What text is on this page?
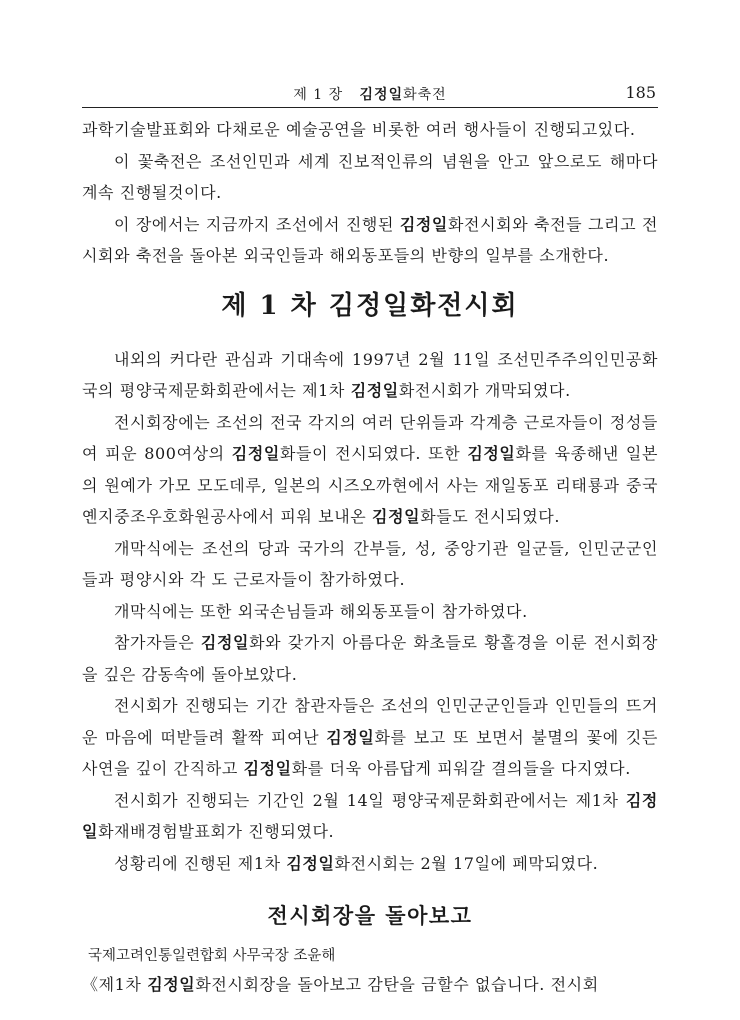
제 1 장 김정일화축전	185

과학기술발표회와 다채로운 예술공연을 비롯한 여러 행사들이 진행되고있다.

이 꽃축전은 조선인민과 세계 진보적인류의 념원을 안고 앞으로도 해마다 계속 진행될것이다.

이 장에서는 지금까지 조선에서 진행된 김정일화전시회와 축전들 그리고 전시회와 축전을 돌아본 외국인들과 해외동포들의 반향의 일부를 소개한다.

제 1 차 김정일화전시회

내외의 커다란 관심과 기대속에 1997년 2월 11일 조선민주주의인민공화국의 평양국제문화회관에서는 제1차 김정일화전시회가 개막되였다.

전시회장에는 조선의 전국 각지의 여러 단위들과 각계층 근로자들이 정성들여 피운 800여상의 김정일화들이 전시되였다. 또한 김정일화를 육종해낸 일본의 원예가 가모 모도데루, 일본의 시즈오까현에서 사는 재일동포 리태룡과 중국 옌지중조우호화원공사에서 피워 보내온 김정일화들도 전시되였다.

개막식에는 조선의 당과 국가의 간부들, 성, 중앙기관 일군들, 인민군군인들과 평양시와 각 도 근로자들이 참가하였다.

개막식에는 또한 외국손님들과 해외동포들이 참가하였다.

참가자들은 김정일화와 갖가지 아름다운 화초들로 황홀경을 이룬 전시회장을 깊은 감동속에 돌아보았다.

전시회가 진행되는 기간 참관자들은 조선의 인민군군인들과 인민들의 뜨거운 마음에 떠받들려 활짝 피여난 김정일화를 보고 또 보면서 불멸의 꽃에 깃든 사연을 깊이 간직하고 김정일화를 더욱 아름답게 피워갈 결의들을 다지였다.

전시회가 진행되는 기간인 2월 14일 평양국제문화회관에서는 제1차 김정일화재배경험발표회가 진행되였다.

성황리에 진행된 제1차 김정일화전시회는 2월 17일에 페막되였다.

전시회장을 돌아보고

국제고려인통일련합회 사무국장 조윤해

《제1차 김정일화전시회장을 돌아보고 감탄을 금할수 없습니다. 전시회
